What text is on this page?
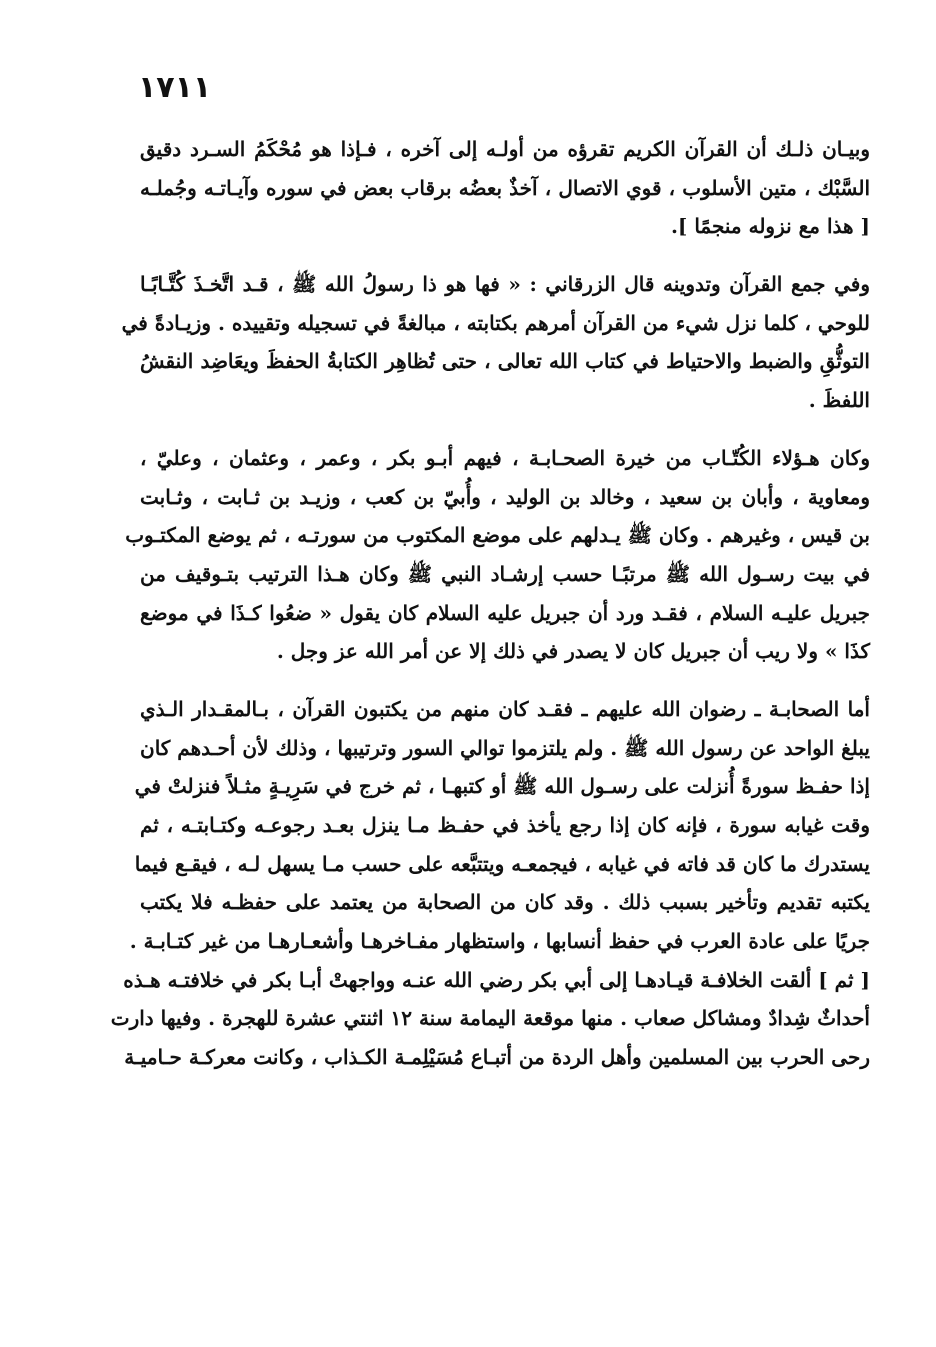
١٧١١
وبيـان ذلـك أن القرآن الكريم تقرؤه من أولـه إلى آخره ، فـإذا هو مُحْكَمُ السـرد دقيق
السَّبْك ، متين الأسلوب ، قوي الاتصال ، آخذٌ بعضُه برقاب بعض في سوره وآيـاتـه وجُملـه
[ هذا مع نزوله منجمًا ].
وفي جمع القرآن وتدوينه قال الزرقاني : « فها هو ذا رسولُ الله ﷺ ، قـد اتَّخـذَ كُتَّـابًـا
للوحي ، كلما نزل شيء من القرآن أمرهم بكتابته ، مبالغةً في تسجيله وتقييده . وزيـادةً في
التوثُّقِ والضبط والاحتياط في كتاب الله تعالى ، حتى تُظاهِر الكتابةُ الحفظَ ويعَاضِد النقشُ
اللفظَ .
وكان هـؤلاء الكُتّـاب من خيرة الصحـابـة ، فيهم أبـو بكر ، وعمر ، وعثمان ، وعليّ ،
ومعاوية ، وأبان بن سعيد ، وخالد بن الوليد ، وأُبيّ بن كعب ، وزيـد بن ثـابت ، وثـابت
بن قيس ، وغيرهم . وكان ﷺ يـدلهم على موضع المكتوب من سورتـه ، ثم يوضع المكتـوب
في بيت رسـول الله ﷺ مرتبًـا حسب إرشـاد النبي ﷺ وكان هـذا الترتيب بتـوقيف من
جبريل عليـه السلام ، فقـد ورد أن جبريل عليه السلام كان يقول « ضعُوا كـذَا في موضع
كذَا » ولا ريب أن جبريل كان لا يصدر في ذلك إلا عن أمر الله عز وجل .
أما الصحابـة ـ رضوان الله عليهم ـ فقـد كان منهم من يكتبون القرآن ، بـالمقـدار الـذي
يبلغ الواحد عن رسول الله ﷺ . ولم يلتزموا توالي السور وترتيبها ، وذلك لأن أحـدهم كان
إذا حفـظ سورةً أُنزلت على رسـول الله ﷺ أو كتبهـا ، ثم خرج في سَرِيـةٍ مثـلاً فنزلتْ في
وقت غيابه سورة ، فإنه كان إذا رجع يأخذ في حفـظ مـا ينزل بعـد رجوعـه وكتـابتـه ، ثم
يستدرك ما كان قد فاته في غيابه ، فيجمعـه ويتتبَّعه على حسب مـا يسهل لـه ، فيقـع فيما
يكتبه تقديم وتأخير بسبب ذلك . وقد كان من الصحابة من يعتمد على حفظـه فلا يكتب
جريًا على عادة العرب في حفظ أنسابها ، واستظهار مفـاخرهـا وأشعـارهـا من غير كتـابـة .
[ ثم ] ألقت الخلافـة قيـادهـا إلى أبي بكر رضي الله عنـه وواجهتْ أبـا بكر في خلافتـه هـذه
أحداثٌ شِدادٌ ومشاكل صعاب . منها موقعة اليمامة سنة ١٢ اثنتي عشرة للهجرة . وفيها دارت
رحى الحرب بين المسلمين وأهل الردة من أتبـاع مُسَيْلِمـة الكـذاب ، وكانت معركـة حـاميـة
